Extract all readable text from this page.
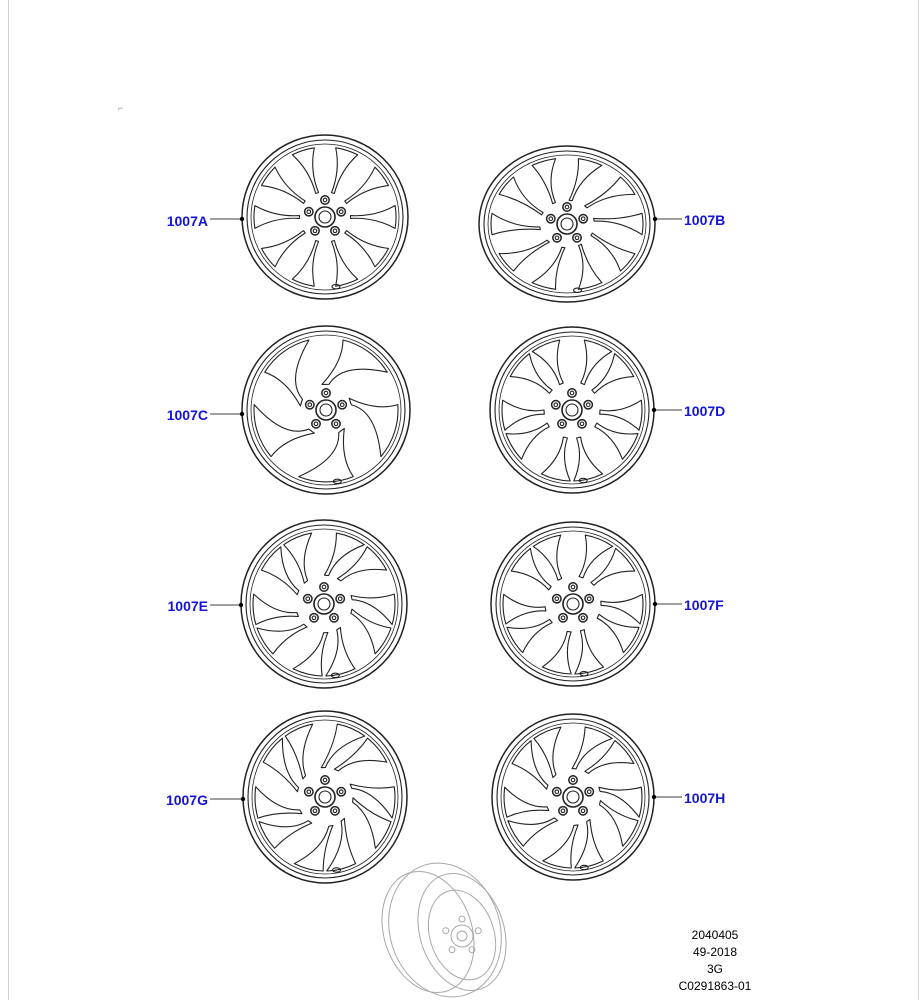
⌐
1007A	1007B
1007C	1007D
1007E	1007F
1007G	1007H
2040405
49-2018
3G
C0291863-01
